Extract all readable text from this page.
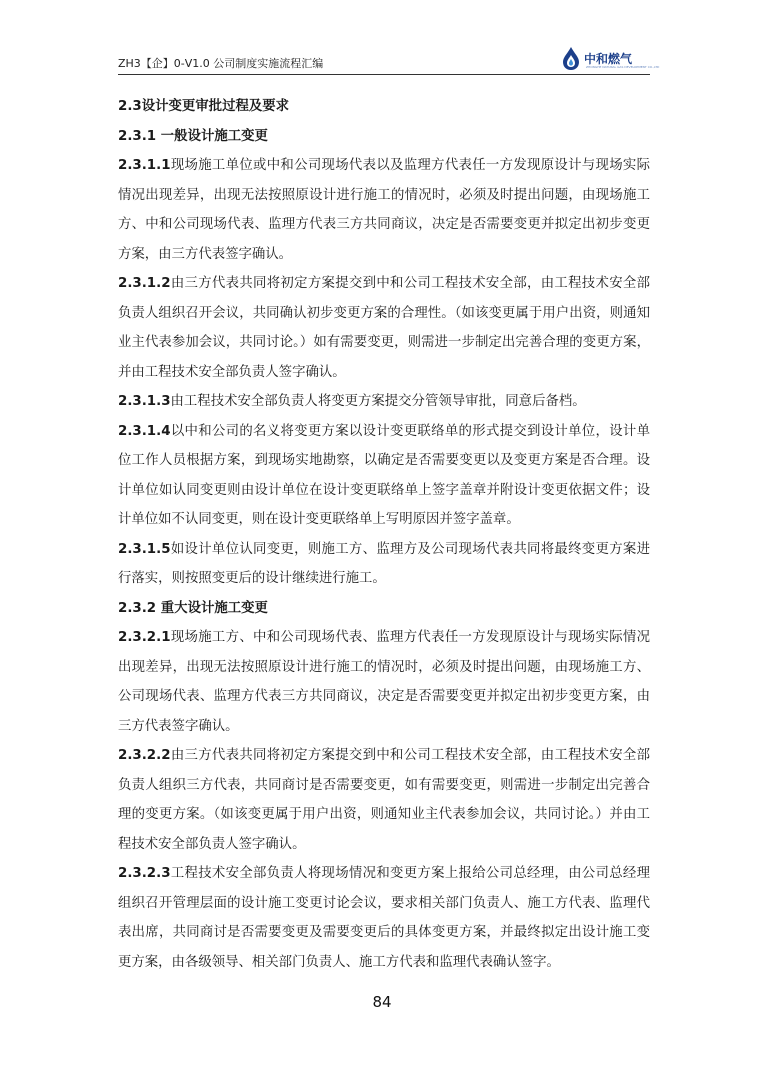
ZH3【企】0-V1.0 公司制度实施流程汇编	中和燃气
ZHONGHE NATURAL GAS DEVELOPMENT CO.,LTD

2.3设计变更审批过程及要求

2.3.1 一般设计施工变更

2.3.1.1现场施工单位或中和公司现场代表以及监理方代表任一方发现原设计与现场实际情况出现差异，出现无法按照原设计进行施工的情况时，必须及时提出问题，由现场施工方、中和公司现场代表、监理方代表三方共同商议，决定是否需要变更并拟定出初步变更方案，由三方代表签字确认。

2.3.1.2由三方代表共同将初定方案提交到中和公司工程技术安全部，由工程技术安全部负责人组织召开会议，共同确认初步变更方案的合理性。（如该变更属于用户出资，则通知业主代表参加会议，共同讨论。）如有需要变更，则需进一步制定出完善合理的变更方案，并由工程技术安全部负责人签字确认。

2.3.1.3由工程技术安全部负责人将变更方案提交分管领导审批，同意后备档。

2.3.1.4以中和公司的名义将变更方案以设计变更联络单的形式提交到设计单位，设计单位工作人员根据方案，到现场实地勘察，以确定是否需要变更以及变更方案是否合理。设计单位如认同变更则由设计单位在设计变更联络单上签字盖章并附设计变更依据文件；设计单位如不认同变更，则在设计变更联络单上写明原因并签字盖章。

2.3.1.5如设计单位认同变更，则施工方、监理方及公司现场代表共同将最终变更方案进行落实，则按照变更后的设计继续进行施工。

2.3.2 重大设计施工变更

2.3.2.1现场施工方、中和公司现场代表、监理方代表任一方发现原设计与现场实际情况出现差异，出现无法按照原设计进行施工的情况时，必须及时提出问题，由现场施工方、公司现场代表、监理方代表三方共同商议，决定是否需要变更并拟定出初步变更方案，由三方代表签字确认。

2.3.2.2由三方代表共同将初定方案提交到中和公司工程技术安全部，由工程技术安全部负责人组织三方代表，共同商讨是否需要变更，如有需要变更，则需进一步制定出完善合理的变更方案。（如该变更属于用户出资，则通知业主代表参加会议，共同讨论。）并由工程技术安全部负责人签字确认。

2.3.2.3工程技术安全部负责人将现场情况和变更方案上报给公司总经理，由公司总经理组织召开管理层面的设计施工变更讨论会议，要求相关部门负责人、施工方代表、监理代表出席，共同商讨是否需要变更及需要变更后的具体变更方案，并最终拟定出设计施工变更方案，由各级领导、相关部门负责人、施工方代表和监理代表确认签字。

84
